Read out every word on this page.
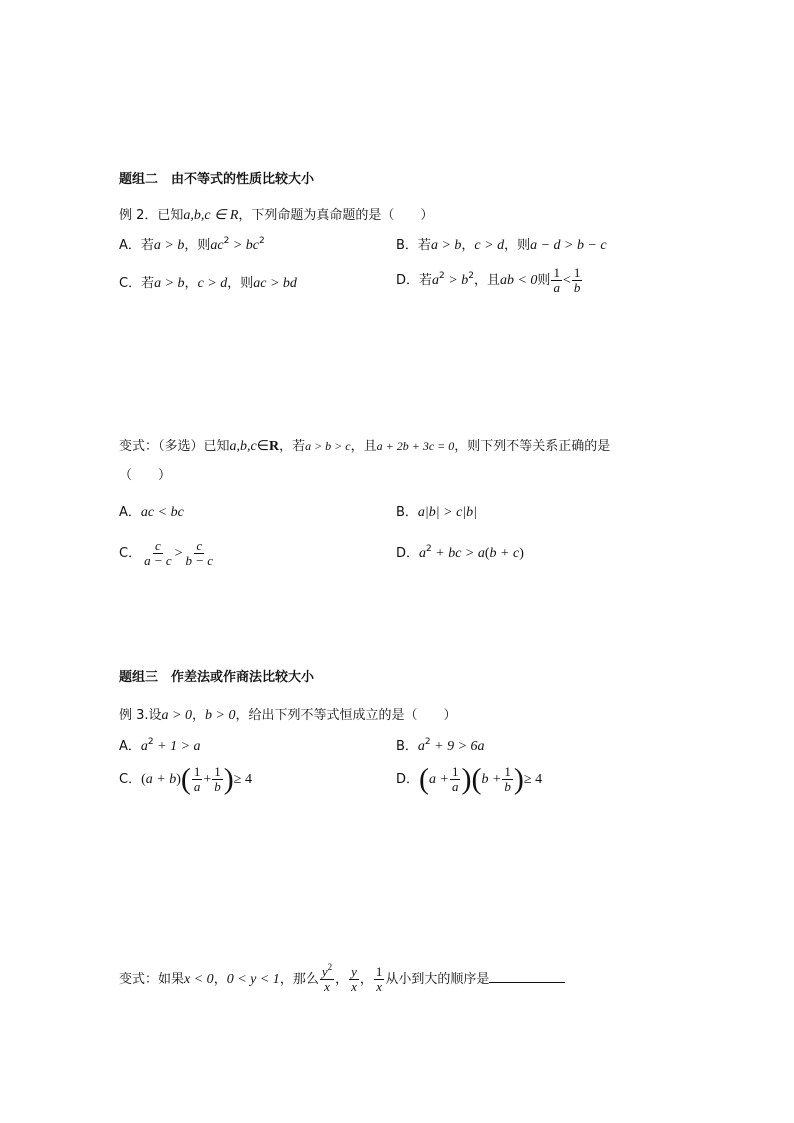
题组二　由不等式的性质比较大小
例 2．已知a,b,c ∈ R，下列命题为真命题的是（　　）
A．若a > b，则$ac^2 > bc^2$	B．若a > b，c > d，则a − d > b − c
C．若a > b，c > d，则ac > bd	D．若$a^2 > b^2$，且ab < 0则 $\frac{1}{a} < \frac{1}{b}$
变式：（多选）已知a,b,c∈R，若a > b > c，且a + 2b + 3c = 0，则下列不等关系正确的是
（　　）
A．ac < bc	B．a|b| > c|b|
C． $\frac{c}{a - c} > \frac{c}{b - c}$	D．$a^2$ + bc > a(b + c)
题组三　作差法或作商法比较大小
例 3.设a > 0，b > 0，给出下列不等式恒成立的是（　　）
A．$a^2 + 1 > a$	B．$a^2 + 9 > 6a$
C．$(a + b)( \frac{1}{a} + \frac{1}{b}$ )≥ 4	D．$(a + \frac{1}{a} )(b + \frac{1}{b}$ )≥ 4
变式：如果x < 0，0 < y < 1，那么 $\frac{y^2}{x}$ ， $\frac{y}{x}$ ， $\frac{1}{x}$ 从小到大的顺序是
